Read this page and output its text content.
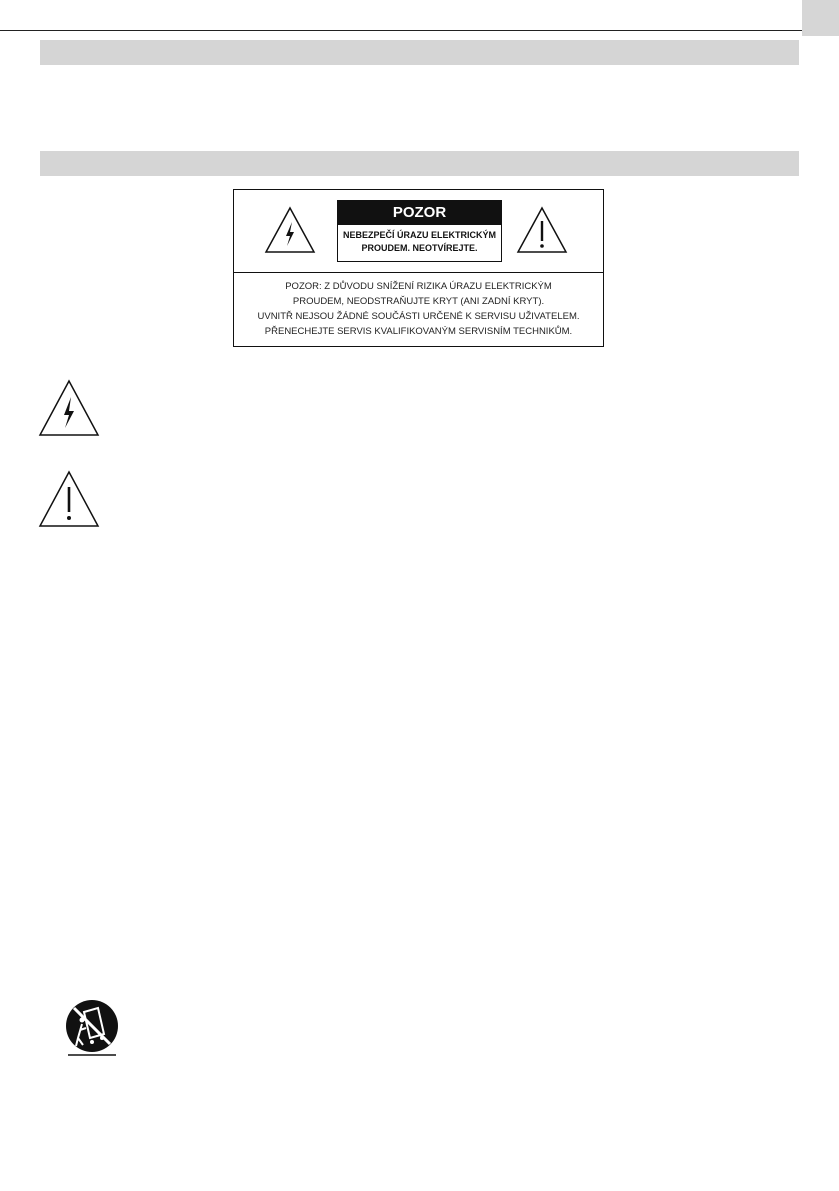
POZOR
NEBEZPEČÍ ÚRAZU ELEKTRICKÝM
PROUDEM. NEOTVÍREJTE.
POZOR: Z DŮVODU SNÍŽENÍ RIZIKA ÚRAZU ELEKTRICKÝM
PROUDEM, NEODSTRAŇUJTE KRYT (ANI ZADNÍ KRYT).
UVNITŘ NEJSOU ŽÁDNÉ SOUČÁSTI URČENÉ K SERVISU UŽIVATELEM.
PŘENECHEJTE SERVIS KVALIFIKOVANÝM SERVISNÍM TECHNIKŮM.
